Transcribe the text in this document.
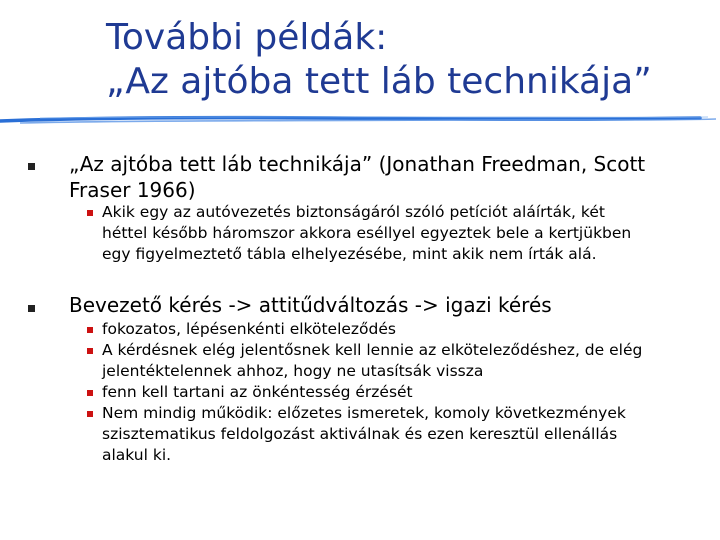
További példák:
„Az ajtóba tett láb technikája”
„Az ajtóba tett láb technikája” (Jonathan Freedman, Scott
Fraser 1966)
Akik egy az autóvezetés biztonságáról szóló petíciót aláírták, két
héttel később háromszor akkora eséllyel egyeztek bele a kertjükben
egy figyelmeztető tábla elhelyezésébe, mint akik nem írták alá.
Bevezető kérés -> attitűdváltozás -> igazi kérés
fokozatos, lépésenkénti elköteleződés
A kérdésnek elég jelentősnek kell lennie az elköteleződéshez, de elég
jelentéktelennek ahhoz, hogy ne utasítsák vissza
fenn kell tartani az önkéntesség érzését
Nem mindig működik: előzetes ismeretek, komoly következmények
szisztematikus feldolgozást aktiválnak és ezen keresztül ellenállás
alakul ki.
